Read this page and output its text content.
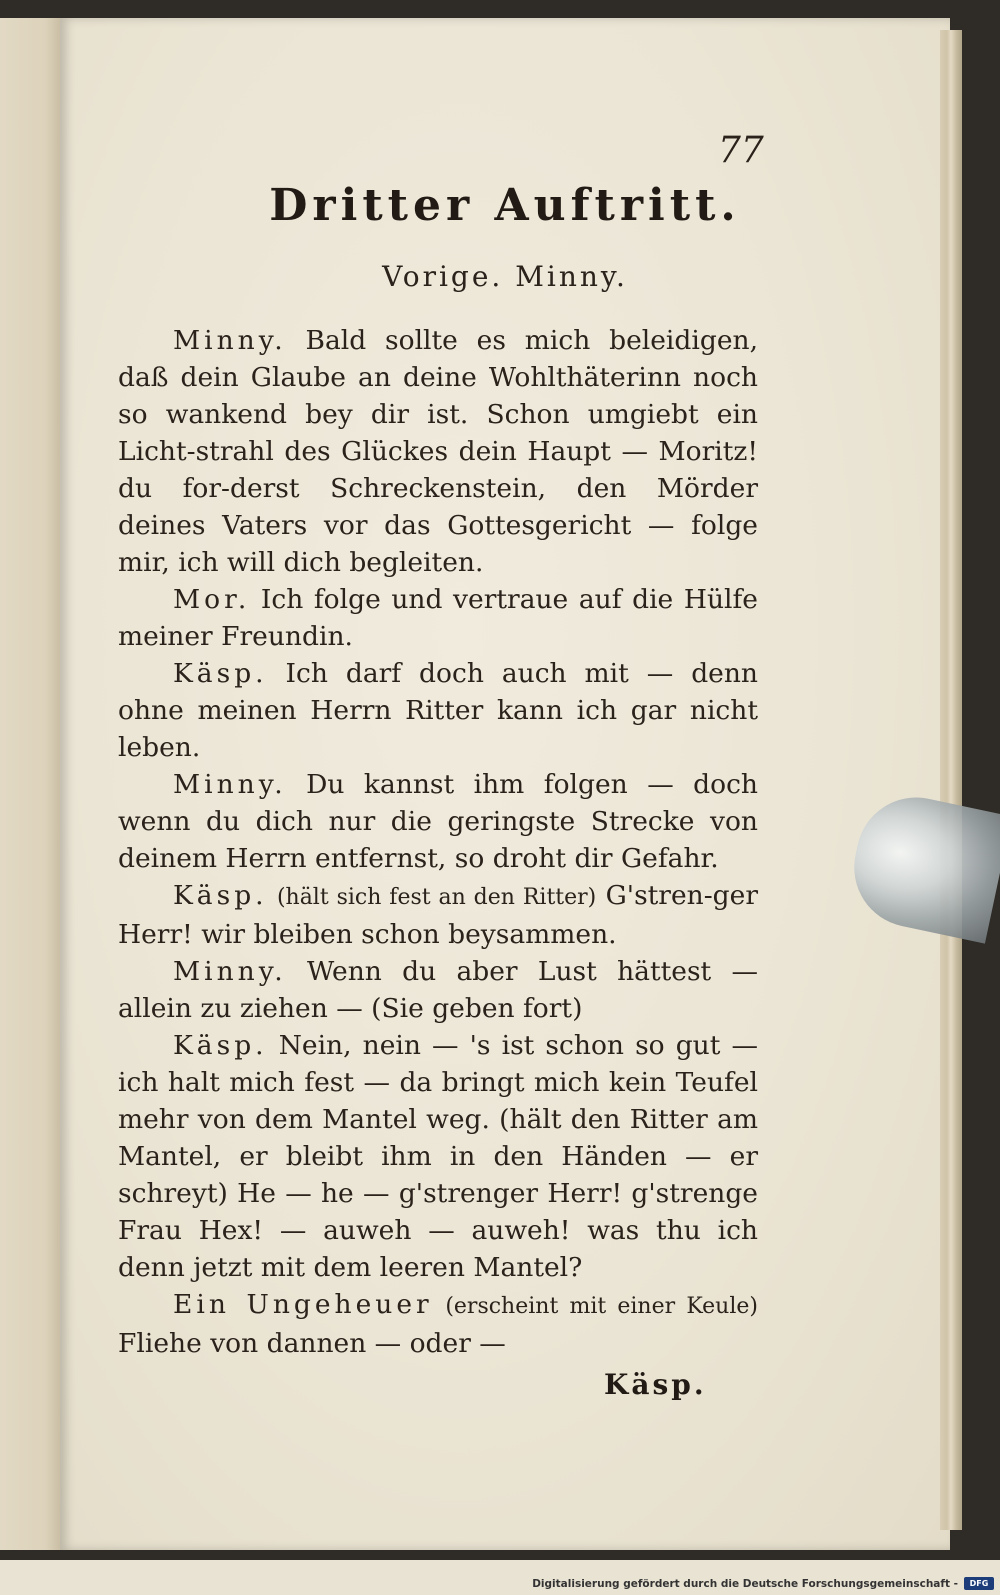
77

Dritter Auftritt.

Vorige. Minny.

Minny. Bald sollte es mich beleidigen, daß dein Glaube an deine Wohlthäterinn noch so wankend bey dir ist. Schon umgiebt ein Licht-strahl des Glückes dein Haupt — Moritz! du for-derst Schreckenstein, den Mörder deines Vaters vor das Gottesgericht — folge mir, ich will dich begleiten.

Mor. Ich folge und vertraue auf die Hülfe meiner Freundin.

Käsp. Ich darf doch auch mit — denn ohne meinen Herrn Ritter kann ich gar nicht leben.

Minny. Du kannst ihm folgen — doch wenn du dich nur die geringste Strecke von deinem Herrn entfernst, so droht dir Gefahr.

Käsp. (hält sich fest an den Ritter) G'stren-ger Herr! wir bleiben schon beysammen.

Minny. Wenn du aber Lust hättest — allein zu ziehen — (Sie geben fort)

Käsp. Nein, nein — 's ist schon so gut — ich halt mich fest — da bringt mich kein Teufel mehr von dem Mantel weg. (hält den Ritter am Mantel, er bleibt ihm in den Händen — er schreyt) He — he — g'strenger Herr! g'strenge Frau Hex! — auweh — auweh! was thu ich denn jetzt mit dem leeren Mantel?

Ein Ungeheuer (erscheint mit einer Keule) Fliehe von dannen — oder —

Käsp.

Digitalisierung gefördert durch die Deutsche Forschungsgemeinschaft -	DFG
